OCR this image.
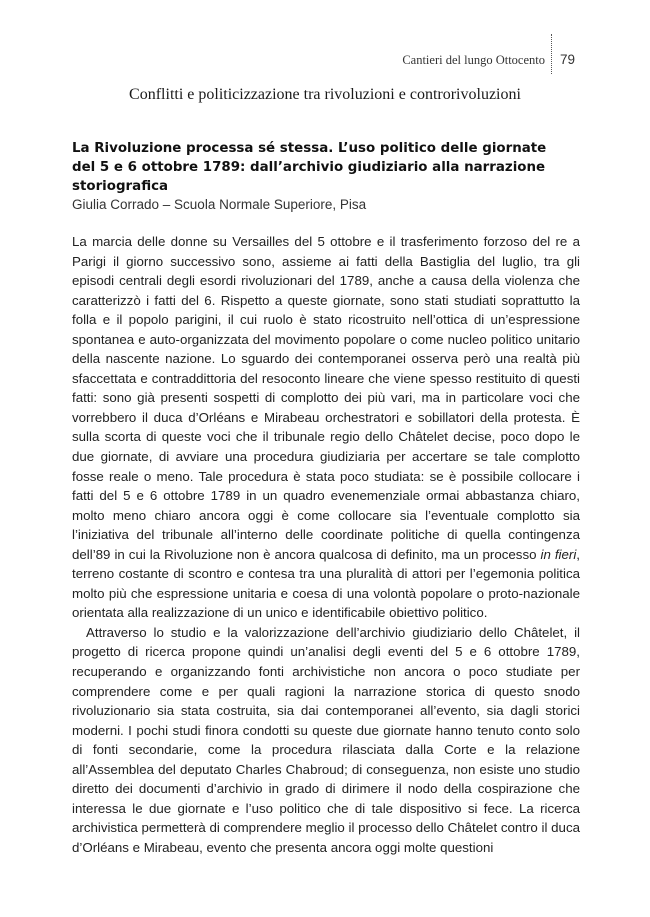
Cantieri del lungo Ottocento 79
Conflitti e politicizzazione tra rivoluzioni e controrivoluzioni
La Rivoluzione processa sé stessa. L’uso politico delle giornate del 5 e 6 ottobre 1789: dall’archivio giudiziario alla narrazione storiografica
Giulia Corrado – Scuola Normale Superiore, Pisa

La marcia delle donne su Versailles del 5 ottobre e il trasferimento forzoso del re a Parigi il giorno successivo sono, assieme ai fatti della Bastiglia del luglio, tra gli episodi centrali degli esordi rivoluzionari del 1789, anche a causa della violenza che caratterizzò i fatti del 6. Rispetto a queste giornate, sono stati studiati soprattutto la folla e il popolo parigini, il cui ruolo è stato ricostruito nell’ottica di un’espressione spontanea e auto-organizzata del movimento popolare o come nucleo politico unitario della nascente nazione. Lo sguardo dei contemporanei osserva però una realtà più sfaccettata e contraddittoria del resoconto lineare che viene spesso restituito di questi fatti: sono già presenti sospetti di complotto dei più vari, ma in particolare voci che vorrebbero il duca d’Orléans e Mirabeau orchestratori e sobillatori della protesta. È sulla scorta di queste voci che il tribunale regio dello Châtelet decise, poco dopo le due giornate, di avviare una procedura giudiziaria per accertare se tale complotto fosse reale o meno. Tale procedura è stata poco studiata: se è possibile collocare i fatti del 5 e 6 ottobre 1789 in un quadro evenemenziale ormai abbastanza chiaro, molto meno chiaro ancora oggi è come collocare sia l’eventuale complotto sia l’iniziativa del tribunale all’interno delle coordinate politiche di quella contingenza dell’89 in cui la Rivoluzione non è ancora qualcosa di definito, ma un processo in fieri, terreno costante di scontro e contesa tra una pluralità di attori per l’egemonia politica molto più che espressione unitaria e coesa di una volontà popolare o proto-nazionale orientata alla realizzazione di un unico e identificabile obiettivo politico.

Attraverso lo studio e la valorizzazione dell’archivio giudiziario dello Châtelet, il progetto di ricerca propone quindi un’analisi degli eventi del 5 e 6 ottobre 1789, recuperando e organizzando fonti archivistiche non ancora o poco studiate per comprendere come e per quali ragioni la narrazione storica di questo snodo rivoluzionario sia stata costruita, sia dai contemporanei all’evento, sia dagli storici moderni. I pochi studi finora condotti su queste due giornate hanno tenuto conto solo di fonti secondarie, come la procedura rilasciata dalla Corte e la relazione all’Assemblea del deputato Charles Chabroud; di conseguenza, non esiste uno studio diretto dei documenti d’archivio in grado di dirimere il nodo della cospirazione che interessa le due giornate e l’uso politico che di tale dispositivo si fece. La ricerca archivistica permetterà di comprendere meglio il processo dello Châtelet contro il duca d’Orléans e Mirabeau, evento che presenta ancora oggi molte questioni
